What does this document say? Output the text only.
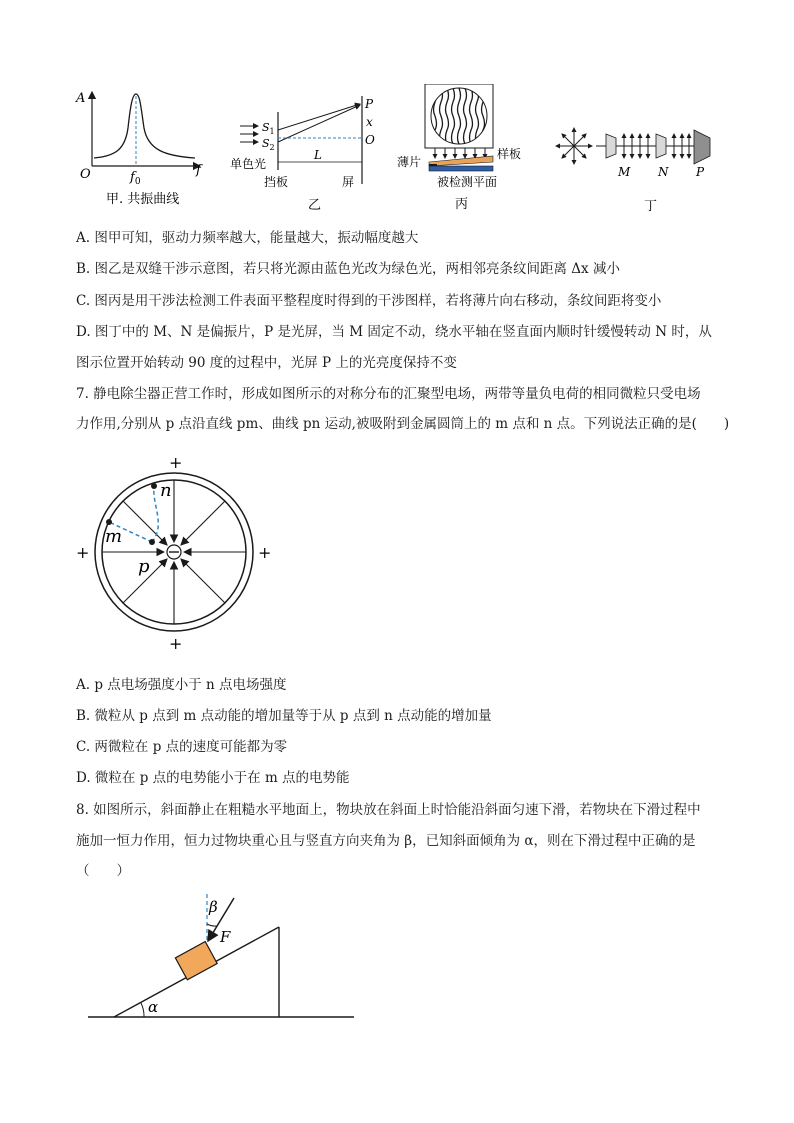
A
f
O	$f_0$
甲. 共振曲线
$S_1$
$S_2$
P
x
O
L
单色光
挡板	屏
乙
薄片
样板
被检测平面
丙
M N P
丁
A. 图甲可知，驱动力频率越大，能量越大，振动幅度越大
B. 图乙是双缝干涉示意图，若只将光源由蓝色光改为绿色光，两相邻亮条纹间距离 Δx 减小
C. 图丙是用干涉法检测工件表面平整程度时得到的干涉图样，若将薄片向右移动，条纹间距将变小
D. 图丁中的 M、N 是偏振片，P 是光屏，当 M 固定不动，绕水平轴在竖直面内顺时针缓慢转动 N 时，从
图示位置开始转动 90 度的过程中，光屏 P 上的光亮度保持不变
7. 静电除尘器正营工作时，形成如图所示的对称分布的汇聚型电场，两带等量负电荷的相同微粒只受电场
力作用,分别从 p 点沿直线 pm、曲线 pn 运动,被吸附到金属圆筒上的 m 点和 n 点。下列说法正确的是(　　)
+
+
+	+
n
m
p
A. p 点电场强度小于 n 点电场强度
B. 微粒从 p 点到 m 点动能的增加量等于从 p 点到 n 点动能的增加量
C. 两微粒在 p 点的速度可能都为零
D. 微粒在 p 点的电势能小于在 m 点的电势能
8. 如图所示，斜面静止在粗糙水平地面上，物块放在斜面上时恰能沿斜面匀速下滑，若物块在下滑过程中
施加一恒力作用，恒力过物块重心且与竖直方向夹角为 β，已知斜面倾角为 α，则在下滑过程中正确的是
（　　）
β
F
α
